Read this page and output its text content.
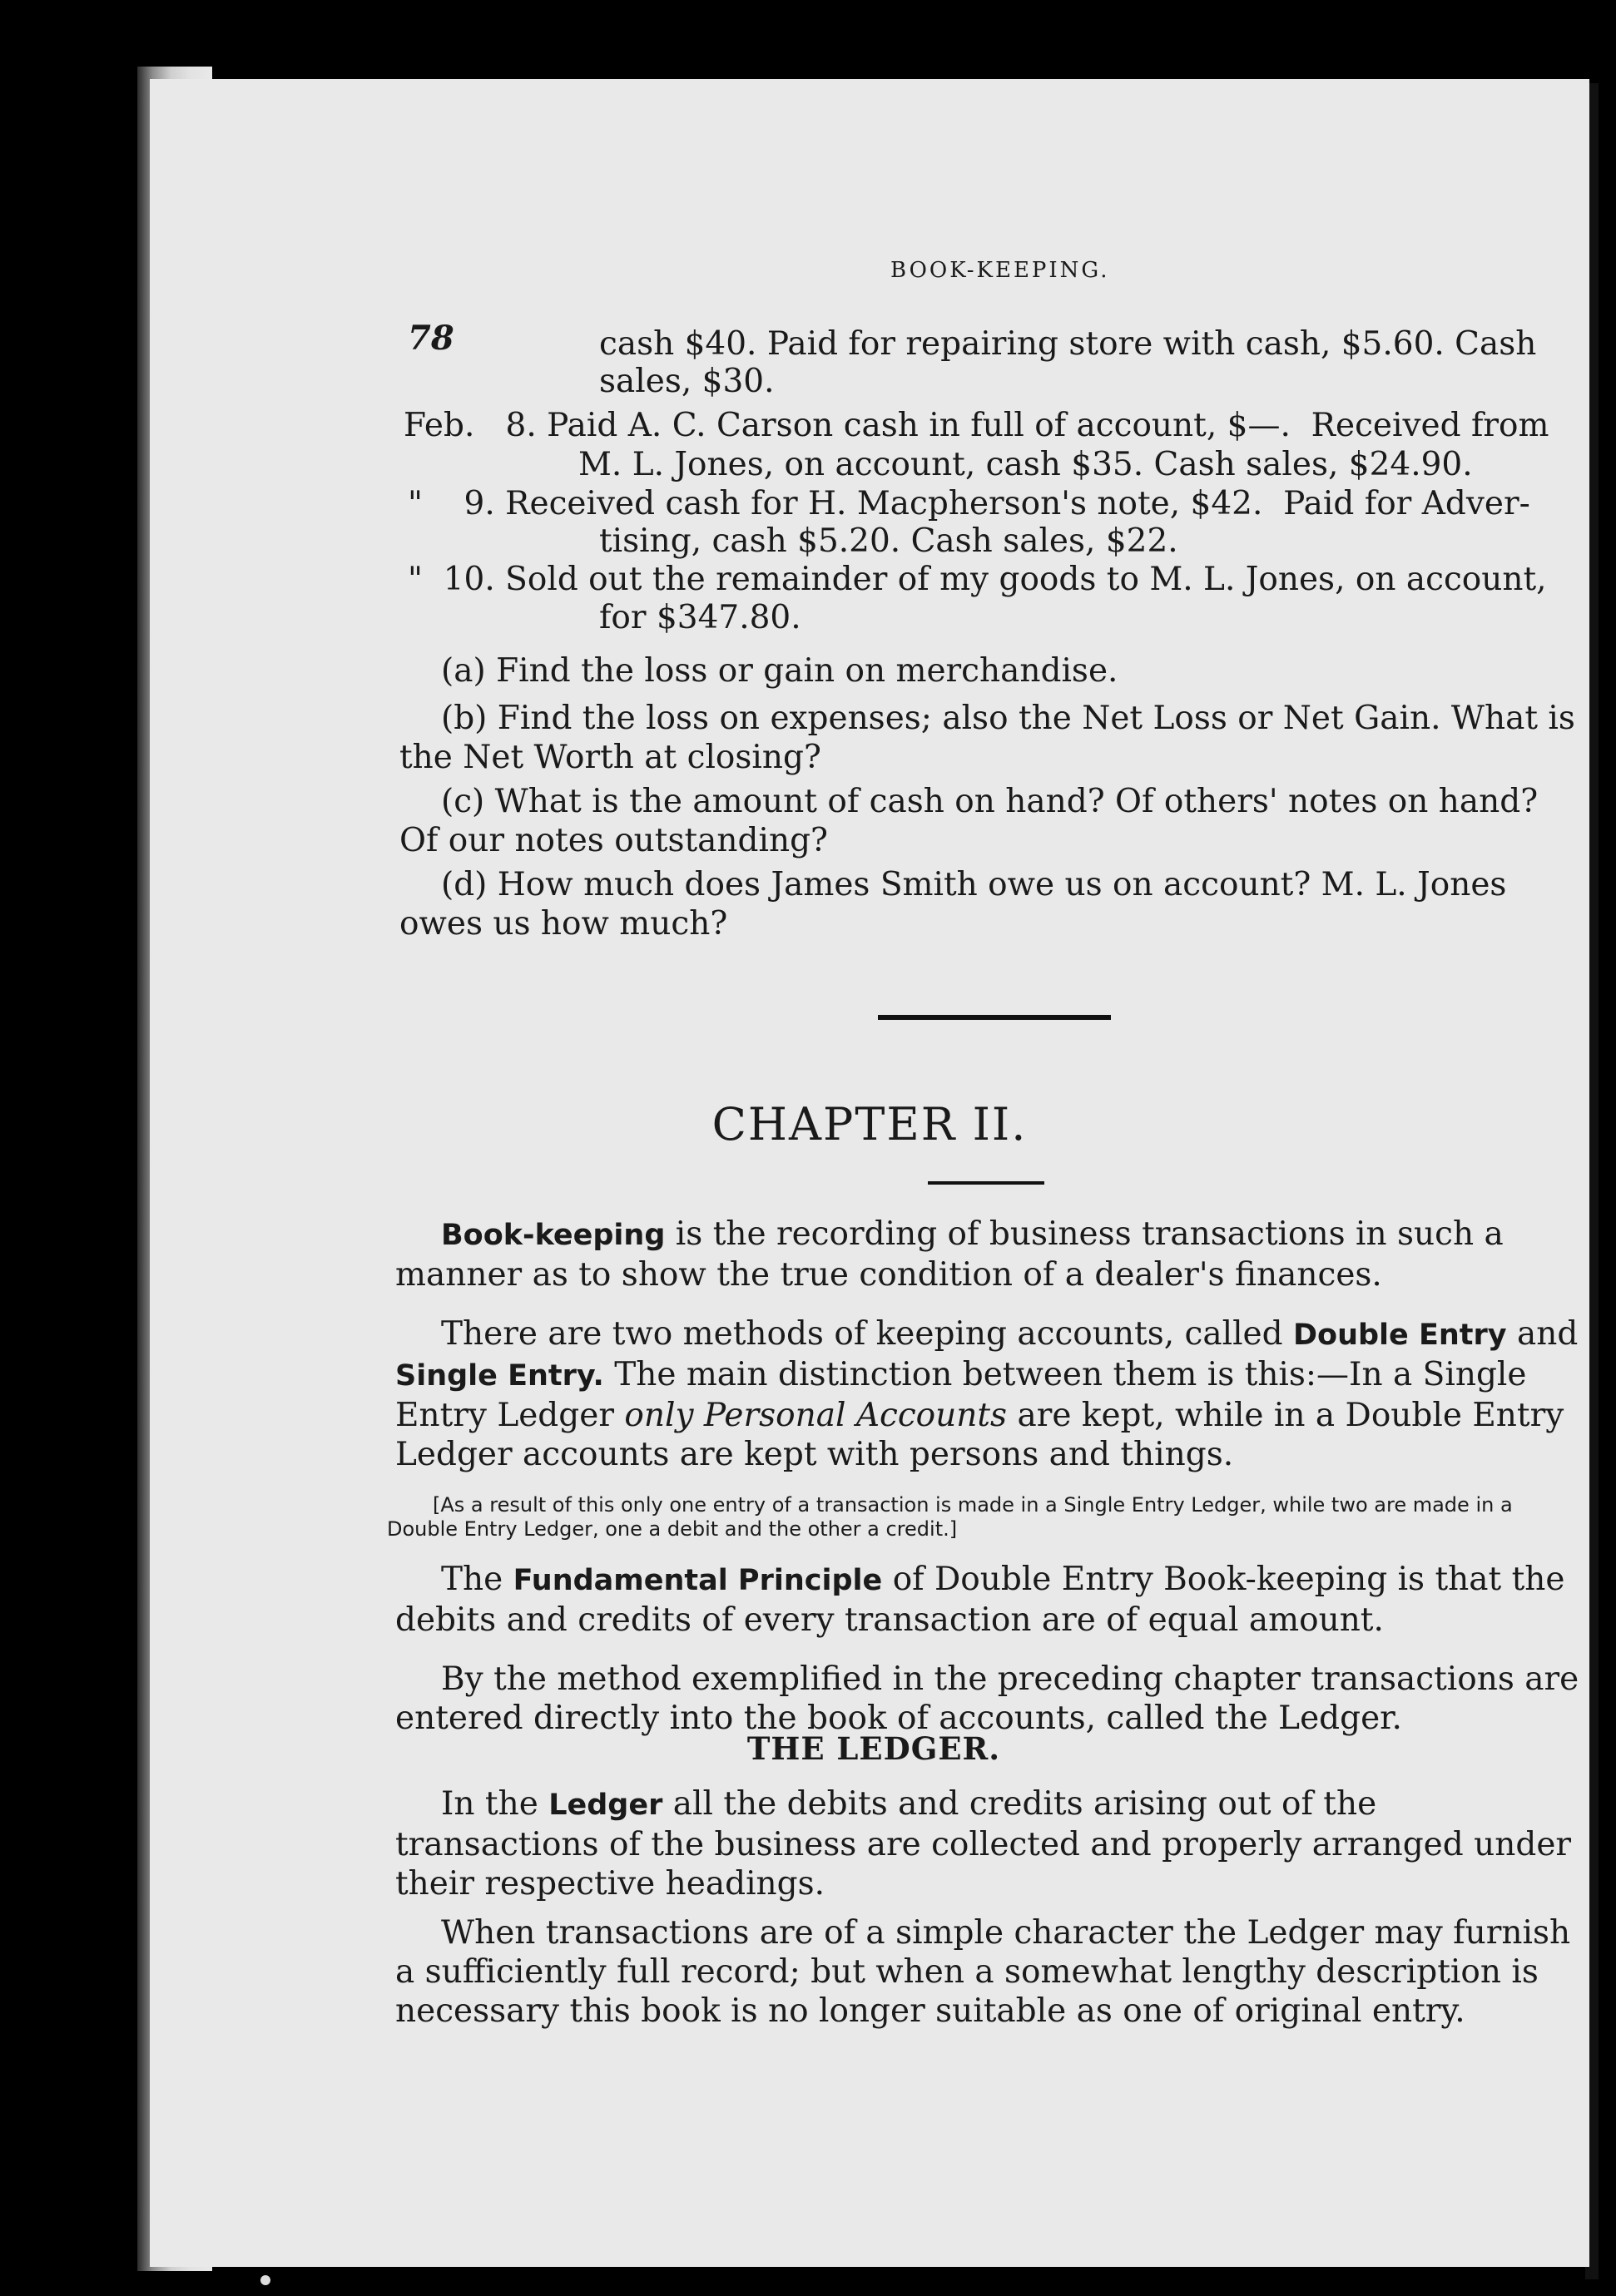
78
BOOK-KEEPING.
cash $40. Paid for repairing store with cash, $5.60. Cash
sales, $30.
Feb.   8. Paid A. C. Carson cash in full of account, $—.  Received from
M. L. Jones, on account, cash $35. Cash sales, $24.90.
"    9. Received cash for H. Macpherson's note, $42.  Paid for Adver-
tising, cash $5.20. Cash sales, $22.
"  10. Sold out the remainder of my goods to M. L. Jones, on account,
for $347.80.
(a) Find the loss or gain on merchandise.
(b) Find the loss on expenses; also the Net Loss or Net Gain. What is the Net Worth at closing?
(c) What is the amount of cash on hand? Of others' notes on hand? Of our notes outstanding?
(d) How much does James Smith owe us on account? M. L. Jones owes us how much?
CHAPTER II.
Book-keeping is the recording of business transactions in such a manner as to show the true condition of a dealer's finances.
There are two methods of keeping accounts, called Double Entry and Single Entry. The main distinction between them is this:—In a Single Entry Ledger only Personal Accounts are kept, while in a Double Entry Ledger accounts are kept with persons and things.
[As a result of this only one entry of a transaction is made in a Single Entry Ledger, while two are made in a Double Entry Ledger, one a debit and the other a credit.]
The Fundamental Principle of Double Entry Book-keeping is that the debits and credits of every transaction are of equal amount.
By the method exemplified in the preceding chapter transactions are entered directly into the book of accounts, called the Ledger.
THE LEDGER.
In the Ledger all the debits and credits arising out of the transactions of the business are collected and properly arranged under their respective headings.
When transactions are of a simple character the Ledger may furnish a sufficiently full record; but when a somewhat lengthy description is necessary this book is no longer suitable as one of original entry.
